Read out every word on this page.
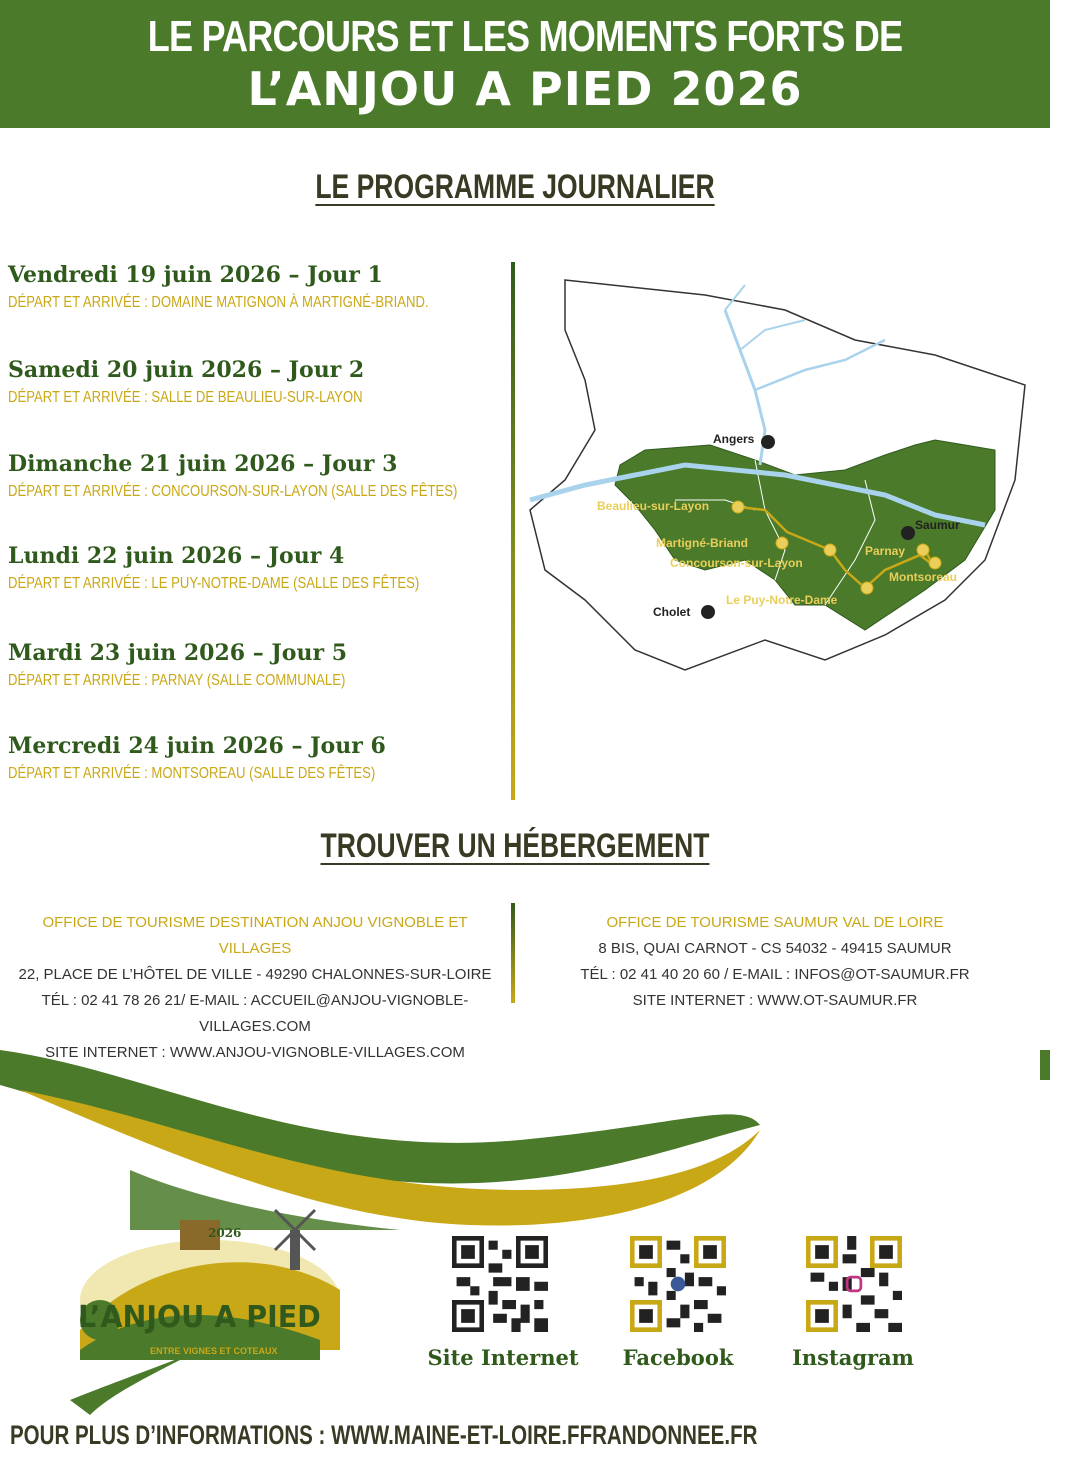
LE PARCOURS ET LES MOMENTS FORTS DE
L’ANJOU A PIED 2026
LE PROGRAMME JOURNALIER
Vendredi 19 juin 2026 – Jour 1
DÉPART ET ARRIVÉE : DOMAINE MATIGNON À MARTIGNÉ-BRIAND.
Samedi 20 juin 2026 – Jour 2
DÉPART ET ARRIVÉE : SALLE DE BEAULIEU-SUR-LAYON
Dimanche 21 juin 2026 – Jour 3
DÉPART ET ARRIVÉE : CONCOURSON-SUR-LAYON (SALLE DES FÊTES)
Lundi 22 juin 2026 – Jour 4
DÉPART ET ARRIVÉE : LE PUY-NOTRE-DAME (SALLE DES FÊTES)
Mardi 23 juin 2026 – Jour 5
DÉPART ET ARRIVÉE : PARNAY (SALLE COMMUNALE)
Mercredi 24 juin 2026 – Jour 6
DÉPART ET ARRIVÉE : MONTSOREAU (SALLE DES FÊTES)
Angers
Saumur
Cholet
Beaulieu-sur-Layon
Martigné-Briand
Concourson-sur-Layon
Le Puy-Notre-Dame
Parnay
Montsoreau
TROUVER UN HÉBERGEMENT
OFFICE DE TOURISME DESTINATION ANJOU VIGNOBLE ET VILLAGES
22, PLACE DE L’HÔTEL DE VILLE - 49290 CHALONNES-SUR-LOIRE
TÉL : 02 41 78 26 21/ E-MAIL : ACCUEIL@ANJOU-VIGNOBLE-VILLAGES.COM
SITE INTERNET : WWW.ANJOU-VIGNOBLE-VILLAGES.COM
OFFICE DE TOURISME SAUMUR VAL DE LOIRE
8 BIS, QUAI CARNOT - CS 54032 - 49415 SAUMUR
TÉL : 02 41 40 20 60 / E-MAIL : INFOS@OT-SAUMUR.FR
SITE INTERNET : WWW.OT-SAUMUR.FR
2026
L’ANJOU A PIED
ENTRE VIGNES ET COTEAUX	Site Internet	Facebook	Instagram
POUR PLUS D’INFORMATIONS : WWW.MAINE-ET-LOIRE.FFRANDONNEE.FR
